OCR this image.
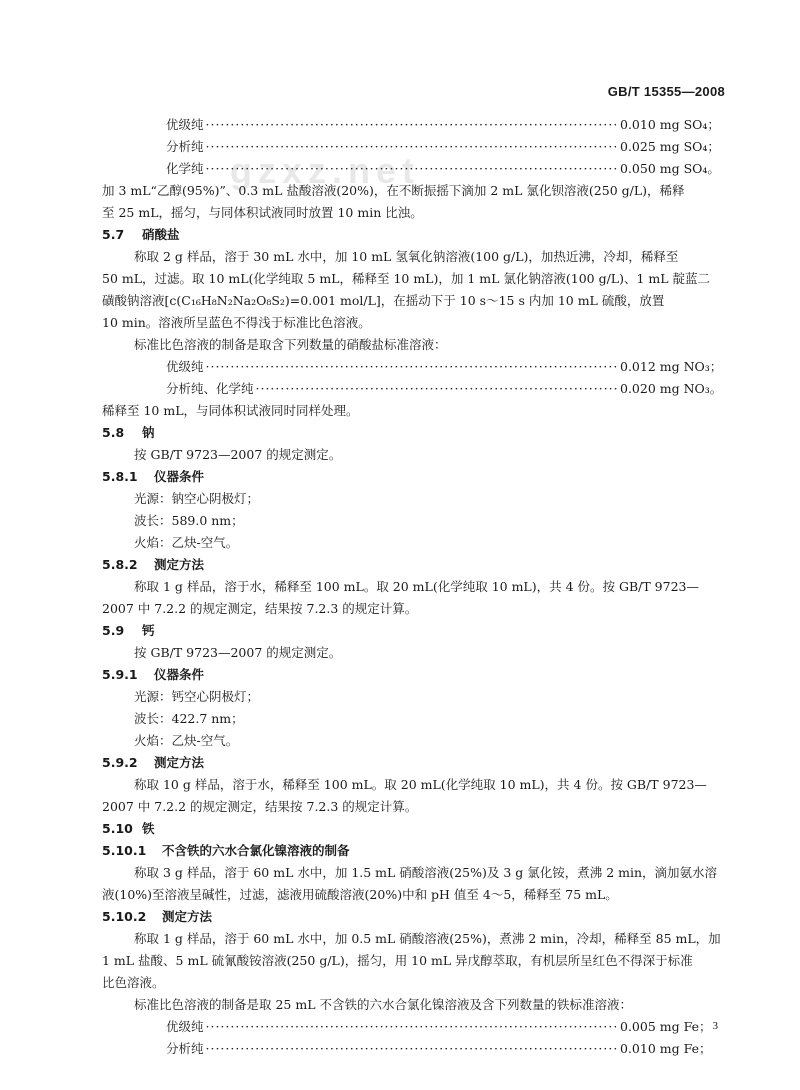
GB/T 15355—2008
gzxz.net
优级纯 ·····	0.010 mg SO₄；
分析纯 ·····	0.025 mg SO₄；
化学纯 ·····	0.050 mg SO₄。
加 3 mL“乙醇(95%)”、0.3 mL 盐酸溶液(20%)，在不断振摇下滴加 2 mL 氯化钡溶液(250 g/L)，稀释
至 25 mL，摇匀，与同体积试液同时放置 10 min 比浊。
5.7 硝酸盐
称取 2 g 样品，溶于 30 mL 水中，加 10 mL 氢氧化钠溶液(100 g/L)，加热近沸，冷却，稀释至
50 mL，过滤。取 10 mL(化学纯取 5 mL，稀释至 10 mL)，加 1 mL 氯化钠溶液(100 g/L)、1 mL 靛蓝二
磺酸钠溶液[c(C₁₆H₈N₂Na₂O₈S₂)=0.001 mol/L]，在摇动下于 10 s～15 s 内加 10 mL 硫酸，放置
10 min。溶液所呈蓝色不得浅于标准比色溶液。
标准比色溶液的制备是取含下列数量的硝酸盐标准溶液：
优级纯 ·····	0.012 mg NO₃；
分析纯、化学纯 ·····	0.020 mg NO₃。
稀释至 10 mL，与同体积试液同时同样处理。
5.8 钠
按 GB/T 9723—2007 的规定测定。
5.8.1 仪器条件
光源：钠空心阴极灯；
波长：589.0 nm；
火焰：乙炔-空气。
5.8.2 测定方法
称取 1 g 样品，溶于水，稀释至 100 mL。取 20 mL(化学纯取 10 mL)，共 4 份。按 GB/T 9723—
2007 中 7.2.2 的规定测定，结果按 7.2.3 的规定计算。
5.9 钙
按 GB/T 9723—2007 的规定测定。
5.9.1 仪器条件
光源：钙空心阴极灯；
波长：422.7 nm；
火焰：乙炔-空气。
5.9.2 测定方法
称取 10 g 样品，溶于水，稀释至 100 mL。取 20 mL(化学纯取 10 mL)，共 4 份。按 GB/T 9723—
2007 中 7.2.2 的规定测定，结果按 7.2.3 的规定计算。
5.10 铁
5.10.1 不含铁的六水合氯化镍溶液的制备
称取 3 g 样品，溶于 60 mL 水中，加 1.5 mL 硝酸溶液(25%)及 3 g 氯化铵，煮沸 2 min，滴加氨水溶
液(10%)至溶液呈碱性，过滤，滤液用硫酸溶液(20%)中和 pH 值至 4～5，稀释至 75 mL。
5.10.2 测定方法
称取 1 g 样品，溶于 60 mL 水中，加 0.5 mL 硝酸溶液(25%)，煮沸 2 min，冷却，稀释至 85 mL，加
1 mL 盐酸、5 mL 硫氰酸铵溶液(250 g/L)，摇匀，用 10 mL 异戊醇萃取，有机层所呈红色不得深于标准
比色溶液。
标准比色溶液的制备是取 25 mL 不含铁的六水合氯化镍溶液及含下列数量的铁标准溶液：
优级纯 ·····	0.005 mg Fe；
分析纯 ·····	0.010 mg Fe；
3
